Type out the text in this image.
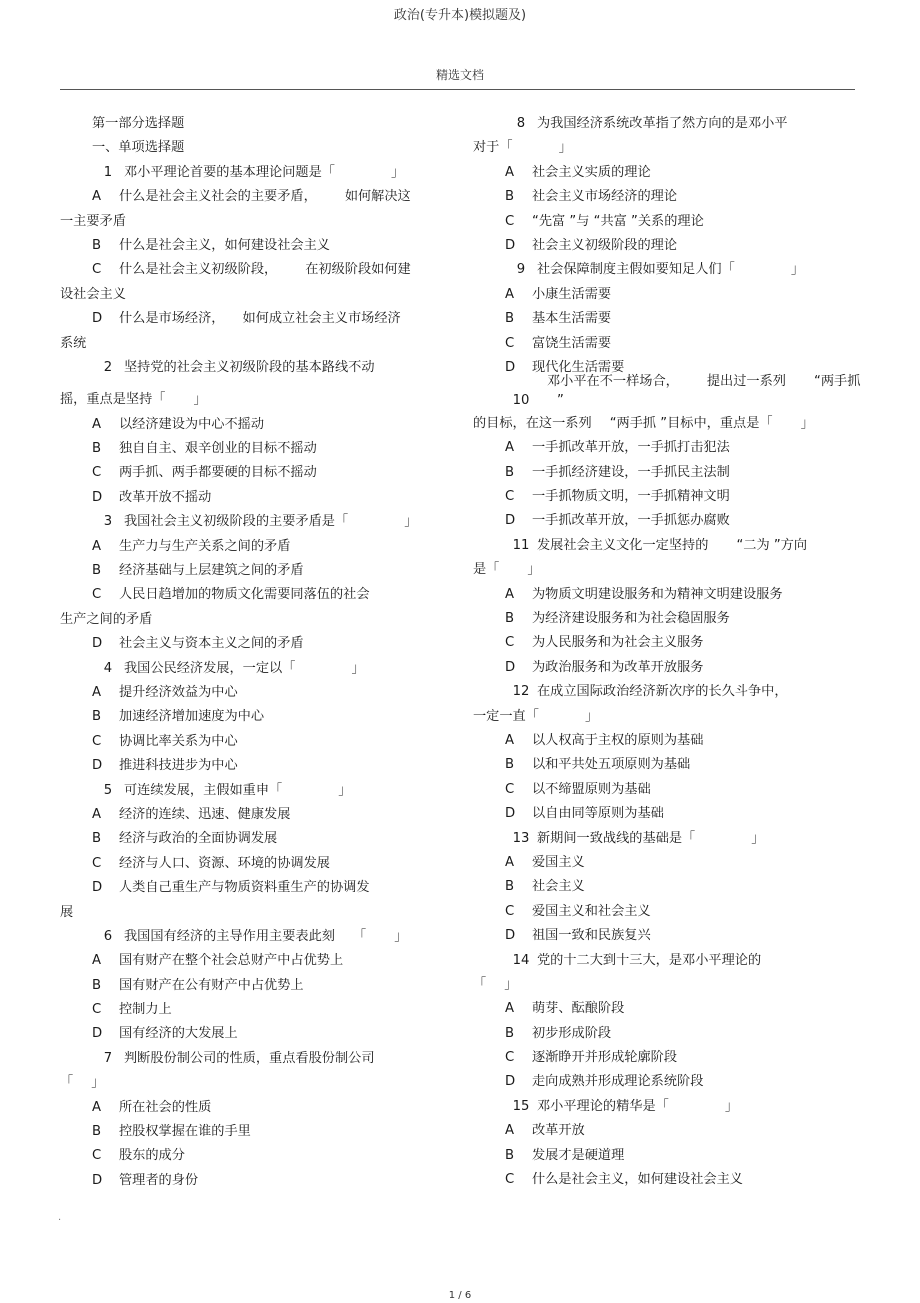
政治(专升本)模拟题及)
精选文档
第一部分选择题
一、单项选择题
1 邓小平理论首要的基本理论问题是「	」
A 什么是社会主义社会的主要矛盾， 如何解决这
一主要矛盾
B 什么是社会主义，如何建设社会主义
C 什么是社会主义初级阶段， 在初级阶段如何建
设社会主义
D 什么是市场经济， 如何成立社会主义市场经济
系统
2 坚持党的社会主义初级阶段的基本路线不动
摇，重点是坚持「 」
A 以经济建设为中心不摇动
B 独自自主、艰辛创业的目标不摇动
C 两手抓、两手都要硬的目标不摇动
D 改革开放不摇动
3 我国社会主义初级阶段的主要矛盾是「	」
A 生产力与生产关系之间的矛盾
B 经济基础与上层建筑之间的矛盾
C 人民日趋增加的物质文化需要同落伍的社会
生产之间的矛盾
D 社会主义与资本主义之间的矛盾
4 我国公民经济发展，一定以「	」
A 提升经济效益为中心
B 加速经济增加速度为中心
C 协调比率关系为中心
D 推进科技进步为中心
5 可连续发展，主假如重申「	」
A 经济的连续、迅速、健康发展
B 经济与政治的全面协调发展
C 经济与人口、资源、环境的协调发展
D 人类自己重生产与物质资料重生产的协调发
展
6 我国国有经济的主导作用主要表此刻 「 」
A 国有财产在整个社会总财产中占优势上
B 国有财产在公有财产中占优势上
C 控制力上
D 国有经济的大发展上
7 判断股份制公司的性质，重点看股份制公司
「 」
A 所在社会的性质
B 控股权掌握在谁的手里
C 股东的成分
D 管理者的身份
8 为我国经济系统改革指了然方向的是邓小平
对于「	」
A 社会主义实质的理论
B 社会主义市场经济的理论
C “先富 ”与 “共富 ”关系的理论
D 社会主义初级阶段的理论
9 社会保障制度主假如要知足人们「	」
A 小康生活需要
B 基本生活需要
C 富饶生活需要
D 现代化生活需要
邓小平在不一样场合， 提出过一系列 “两手抓
10 ”
的目标，在这一系列 “两手抓 ”目标中，重点是「 」
A 一手抓改革开放，一手抓打击犯法
B 一手抓经济建设，一手抓民主法制
C 一手抓物质文明，一手抓精神文明
D 一手抓改革开放，一手抓惩办腐败
11 发展社会主义文化一定坚持的 “二为 ”方向
是「 」
A 为物质文明建设服务和为精神文明建设服务
B 为经济建设服务和为社会稳固服务
C 为人民服务和为社会主义服务
D 为政治服务和为改革开放服务
12 在成立国际政治经济新次序的长久斗争中，
一定一直「	」
A 以人权高于主权的原则为基础
B 以和平共处五项原则为基础
C 以不缔盟原则为基础
D 以自由同等原则为基础
13 新期间一致战线的基础是「	」
A 爱国主义
B 社会主义
C 爱国主义和社会主义
D 祖国一致和民族复兴
14 党的十二大到十三大，是邓小平理论的
「 」
A 萌芽、酝酿阶段
B 初步形成阶段
C 逐渐睁开并形成轮廓阶段
D 走向成熟并形成理论系统阶段
15 邓小平理论的精华是「	」
A 改革开放
B 发展才是硬道理
C 什么是社会主义，如何建设社会主义
.
1 / 6
